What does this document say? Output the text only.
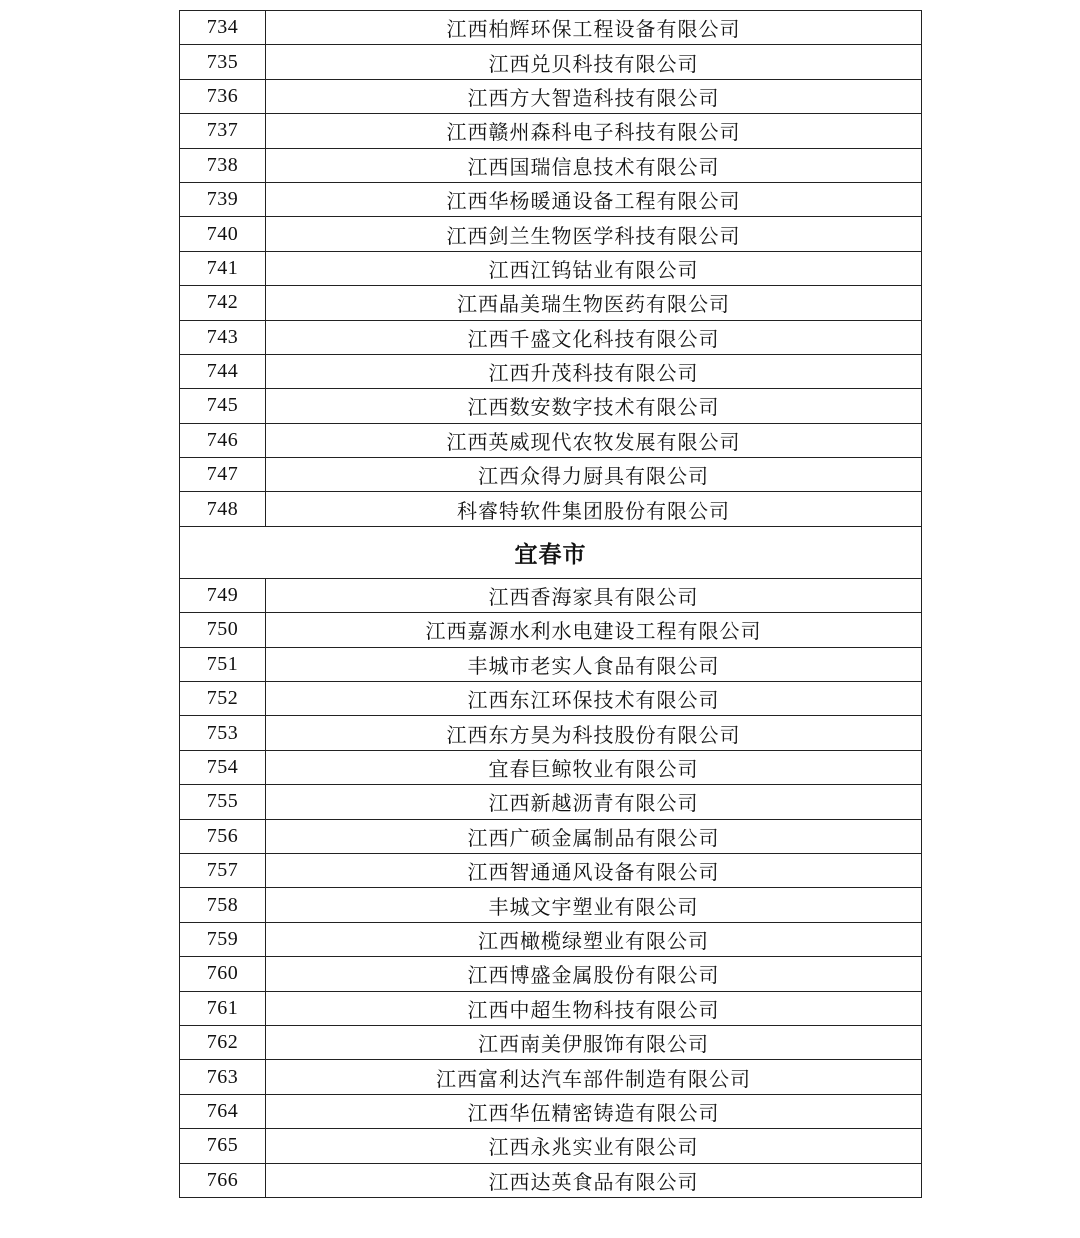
734	江西柏辉环保工程设备有限公司
735	江西兑贝科技有限公司
736	江西方大智造科技有限公司
737	江西赣州森科电子科技有限公司
738	江西国瑞信息技术有限公司
739	江西华杨暖通设备工程有限公司
740	江西剑兰生物医学科技有限公司
741	江西江钨钴业有限公司
742	江西晶美瑞生物医药有限公司
743	江西千盛文化科技有限公司
744	江西升茂科技有限公司
745	江西数安数字技术有限公司
746	江西英威现代农牧发展有限公司
747	江西众得力厨具有限公司
748	科睿特软件集团股份有限公司
宜春市	
749	江西香海家具有限公司
750	江西嘉源水利水电建设工程有限公司
751	丰城市老实人食品有限公司
752	江西东江环保技术有限公司
753	江西东方昊为科技股份有限公司
754	宜春巨鲸牧业有限公司
755	江西新越沥青有限公司
756	江西广硕金属制品有限公司
757	江西智通通风设备有限公司
758	丰城文宇塑业有限公司
759	江西橄榄绿塑业有限公司
760	江西博盛金属股份有限公司
761	江西中超生物科技有限公司
762	江西南美伊服饰有限公司
763	江西富利达汽车部件制造有限公司
764	江西华伍精密铸造有限公司
765	江西永兆实业有限公司
766	江西达英食品有限公司
